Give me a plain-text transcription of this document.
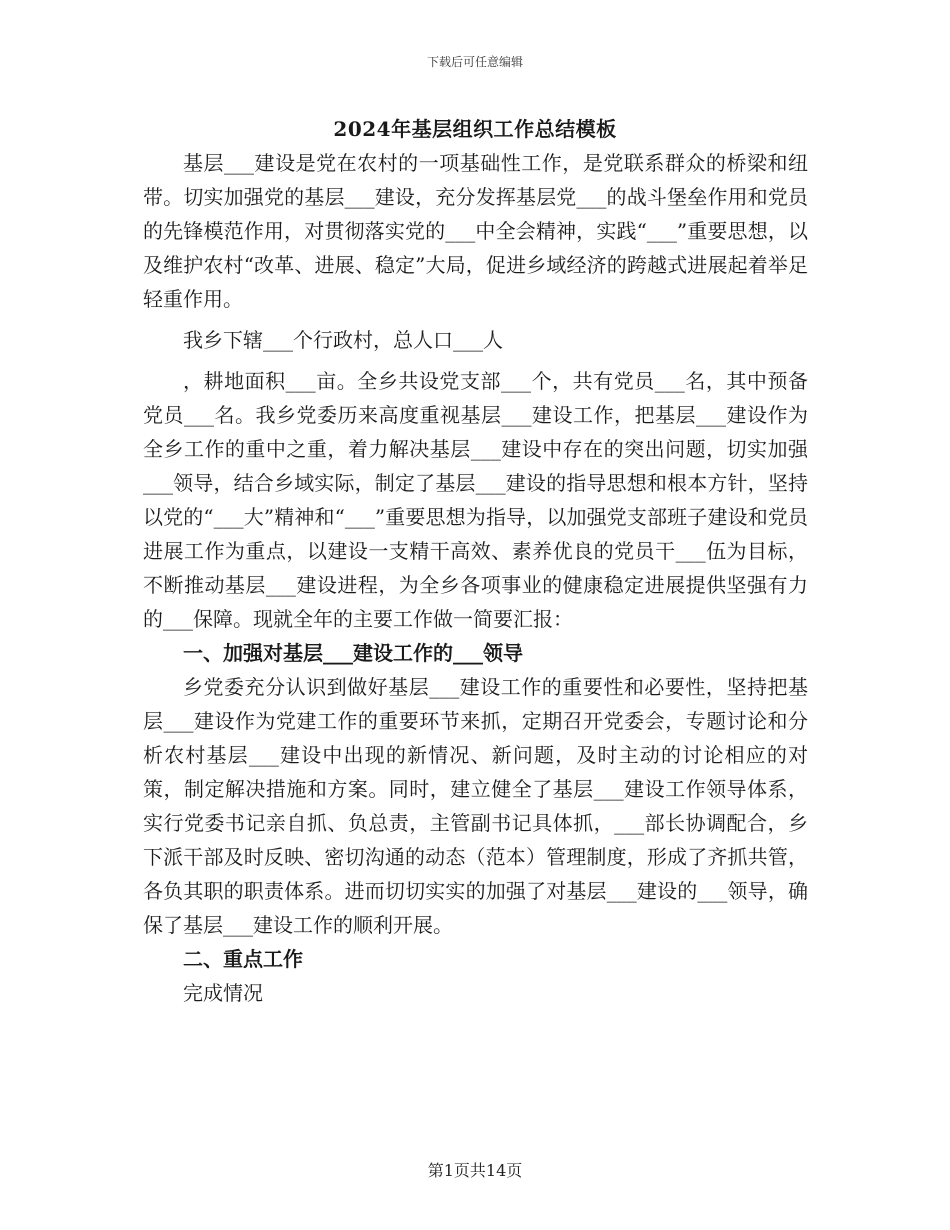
下载后可任意编辑
2024年基层组织工作总结模板

基层___建设是党在农村的一项基础性工作，是党联系群众的桥梁和纽带。切实加强党的基层___建设，充分发挥基层党___的战斗堡垒作用和党员的先锋模范作用，对贯彻落实党的___中全会精神，实践“___”重要思想，以及维护农村“改革、进展、稳定”大局，促进乡域经济的跨越式进展起着举足轻重作用。

我乡下辖___个行政村，总人口___人

，耕地面积___亩。全乡共设党支部___个，共有党员___名，其中预备党员___名。我乡党委历来高度重视基层___建设工作，把基层___建设作为全乡工作的重中之重，着力解决基层___建设中存在的突出问题，切实加强___领导，结合乡域实际，制定了基层___建设的指导思想和根本方针，坚持以党的“___大”精神和“___”重要思想为指导，以加强党支部班子建设和党员进展工作为重点，以建设一支精干高效、素养优良的党员干___伍为目标，不断推动基层___建设进程，为全乡各项事业的健康稳定进展提供坚强有力的___保障。现就全年的主要工作做一简要汇报：

一、加强对基层___建设工作的___领导

乡党委充分认识到做好基层___建设工作的重要性和必要性，坚持把基层___建设作为党建工作的重要环节来抓，定期召开党委会，专题讨论和分析农村基层___建设中出现的新情况、新问题，及时主动的讨论相应的对策，制定解决措施和方案。同时，建立健全了基层___建设工作领导体系，实行党委书记亲自抓、负总责，主管副书记具体抓，___部长协调配合，乡下派干部及时反映、密切沟通的动态（范本）管理制度，形成了齐抓共管，各负其职的职责体系。进而切切实实的加强了对基层___建设的___领导，确保了基层___建设工作的顺利开展。

二、重点工作

完成情况

第1页共14页
